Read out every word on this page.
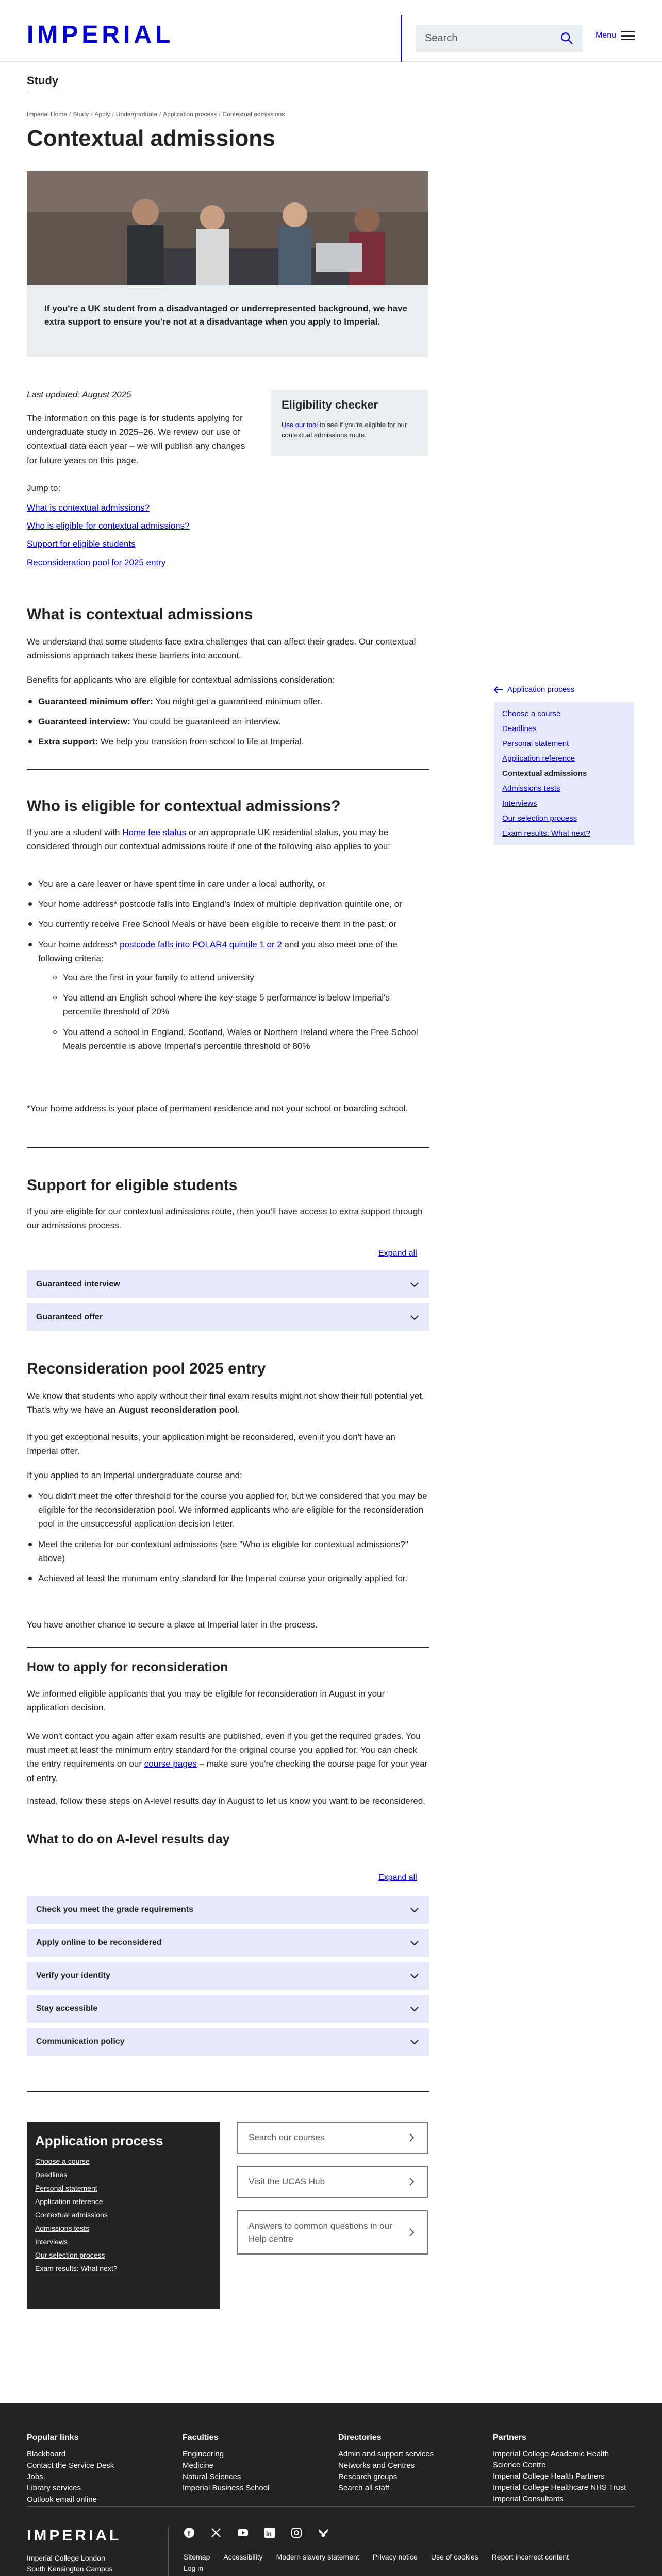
IMPERIAL	Search	Menu
Study
Imperial Home / Study / Apply / Undergraduate / Application process / Contextual admissions
Contextual admissions
If you're a UK student from a disadvantaged or underrepresented background, we have extra support to ensure you're not at a disadvantage when you apply to Imperial.
Last updated: August 2025
The information on this page is for students applying for undergraduate study in 2025–26. We review our use of contextual data each year – we will publish any changes for future years on this page.
Eligibility checker

Use our tool to see if you're eligible for our contextual admissions route.

Jump to:
What is contextual admissions?
Who is eligible for contextual admissions?
Support for eligible students
Reconsideration pool for 2025 entry
What is contextual admissions
We understand that some students face extra challenges that can affect their grades. Our contextual admissions approach takes these barriers into account.
Benefits for applicants who are eligible for contextual admissions consideration:
Guaranteed minimum offer: You might get a guaranteed minimum offer.
Guaranteed interview: You could be guaranteed an interview.
Extra support: We help you transition from school to life at Imperial.
Who is eligible for contextual admissions?
If you are a student with Home fee status or an appropriate UK residential status, you may be considered through our contextual admissions route if one of the following also applies to you:
You are a care leaver or have spent time in care under a local authority, or
Your home address* postcode falls into England's Index of multiple deprivation quintile one, or
You currently receive Free School Meals or have been eligible to receive them in the past; or
Your home address* postcode falls into POLAR4 quintile 1 or 2 and you also meet one of the following criteria:
You are the first in your family to attend university
You attend an English school where the key-stage 5 performance is below Imperial's percentile threshold of 20%
You attend a school in England, Scotland, Wales or Northern Ireland where the Free School Meals percentile is above Imperial's percentile threshold of 80%
*Your home address is your place of permanent residence and not your school or boarding school.
Support for eligible students
If you are eligible for our contextual admissions route, then you'll have access to extra support through our admissions process.
Expand all
Guaranteed interview
Guaranteed offer
Reconsideration pool 2025 entry
We know that students who apply without their final exam results might not show their full potential yet. That's why we have an August reconsideration pool.
If you get exceptional results, your application might be reconsidered, even if you don't have an Imperial offer.
If you applied to an Imperial undergraduate course and:
You didn't meet the offer threshold for the course you applied for, but we considered that you may be eligible for the reconsideration pool. We informed applicants who are eligible for the reconsideration pool in the unsuccessful application decision letter.
Meet the criteria for our contextual admissions (see "Who is eligible for contextual admissions?" above)
Achieved at least the minimum entry standard for the Imperial course your originally applied for.
You have another chance to secure a place at Imperial later in the process.
How to apply for reconsideration
We informed eligible applicants that you may be eligible for reconsideration in August in your application decision.
We won't contact you again after exam results are published, even if you get the required grades. You must meet at least the minimum entry standard for the original course you applied for. You can check the entry requirements on our course pages – make sure you're checking the course page for your year of entry.
Instead, follow these steps on A-level results day in August to let us know you want to be reconsidered.
What to do on A-level results day
Expand all
Check you meet the grade requirements
Apply online to be reconsidered
Verify your identity
Stay accessible
Communication policy
Application process
Choose a course
Deadlines
Personal statement
Application reference
Contextual admissions
Admissions tests
Interviews
Our selection process
Exam results: What next?
Application process
Choose a course
Deadlines
Personal statement
Application reference
Contextual admissions
Admissions tests
Interviews
Our selection process
Exam results: What next?
Search our courses
Visit the UCAS Hub
Answers to common questions in our Help centre
Popular links
Blackboard
Contact the Service Desk
Jobs
Library services
Outlook email online
Faculties
Engineering
Medicine
Natural Sciences
Imperial Business School
Directories
Admin and support services
Networks and Centres
Research groups
Search all staff
Partners
Imperial College Academic Health Science Centre
Imperial College Health Partners
Imperial College Healthcare NHS Trust
Imperial Consultants
IMPERIAL
Imperial College London
South Kensington Campus
f	in
Sitemap Accessibility Modern slavery statement Privacy notice Use of cookies Report incorrect content
Log in
